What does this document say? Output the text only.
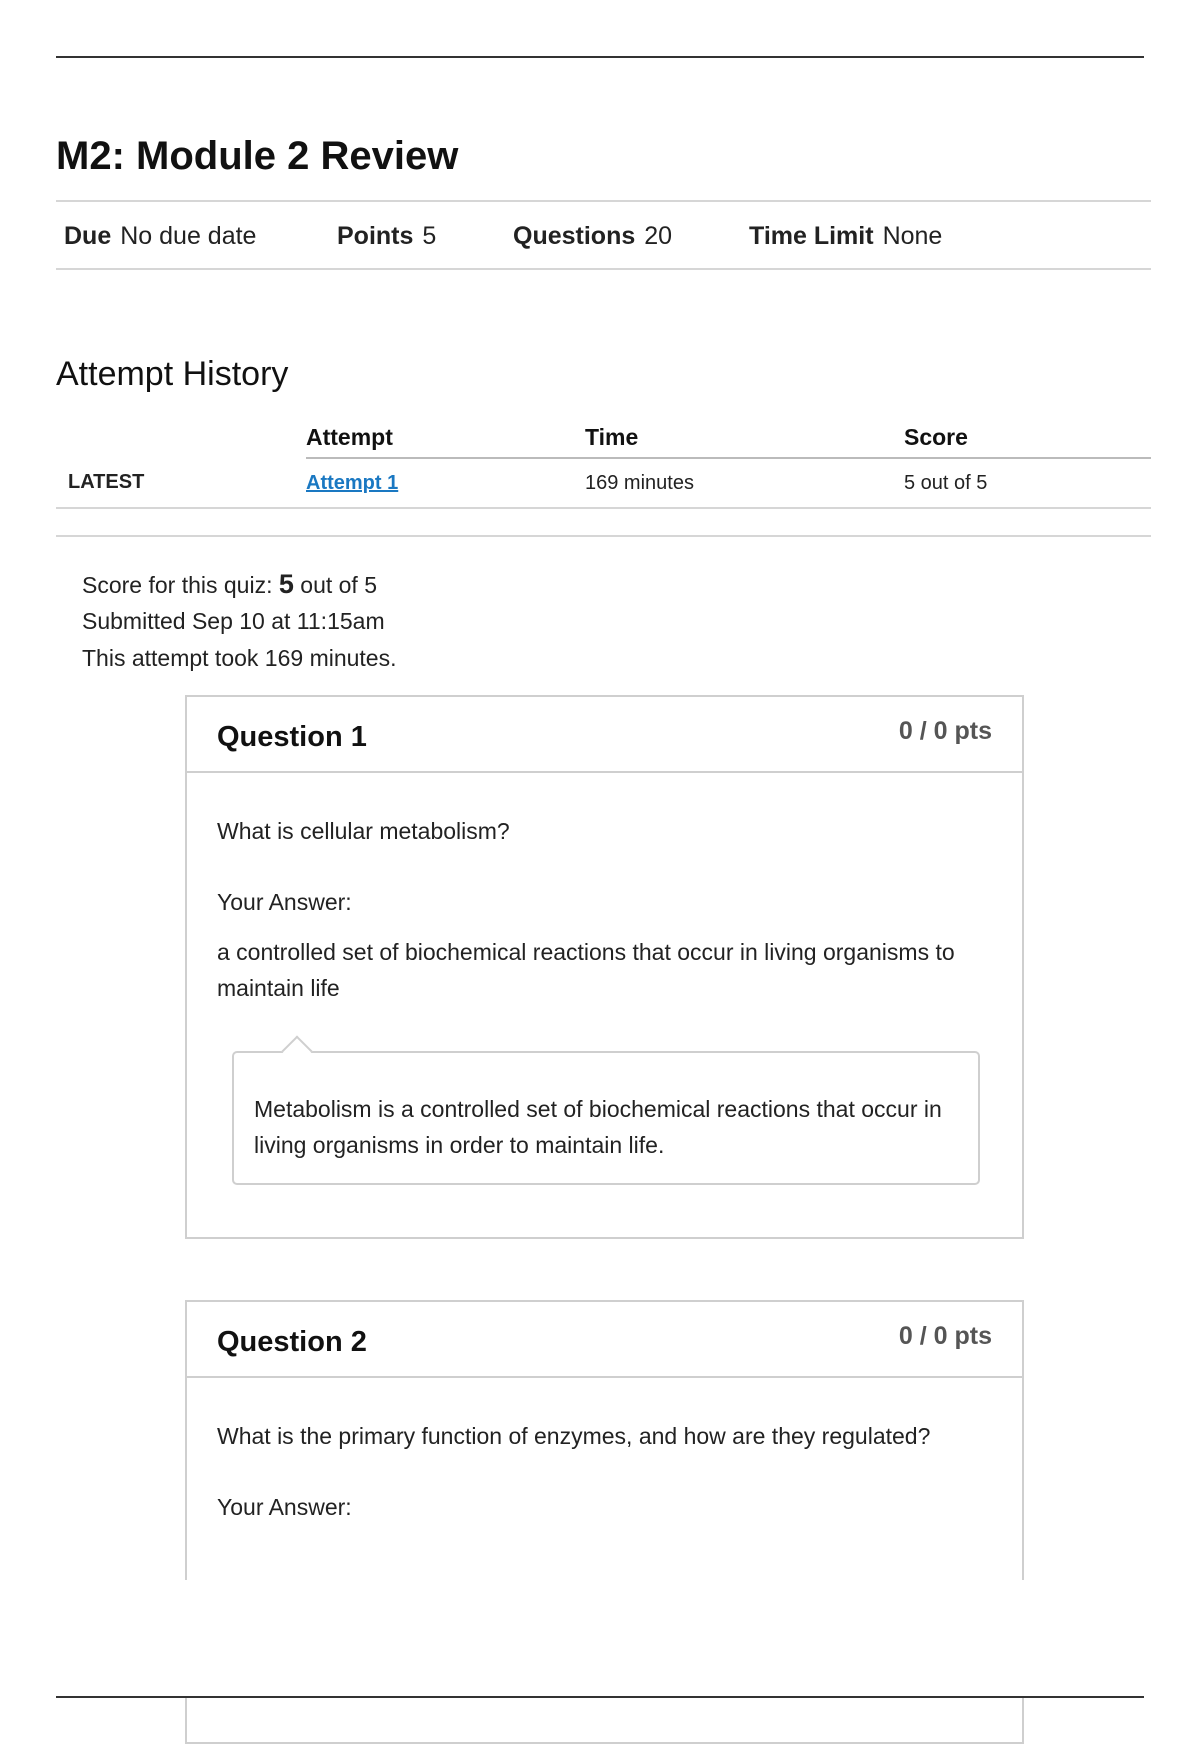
M2: Module 2 Review
Due No due date	Points 5	Questions 20	Time Limit None
Attempt History
	Attempt	Time	Score
LATEST	Attempt 1	169 minutes	5 out of 5
Score for this quiz: 5 out of 5
Submitted Sep 10 at 11:15am
This attempt took 169 minutes.
Question 1	0 / 0 pts
What is cellular metabolism?
Your Answer:
a controlled set of biochemical reactions that occur in living organisms to maintain life
Metabolism is a controlled set of biochemical reactions that occur in living organisms in order to maintain life.
Question 2	0 / 0 pts
What is the primary function of enzymes, and how are they regulated?
Your Answer:
